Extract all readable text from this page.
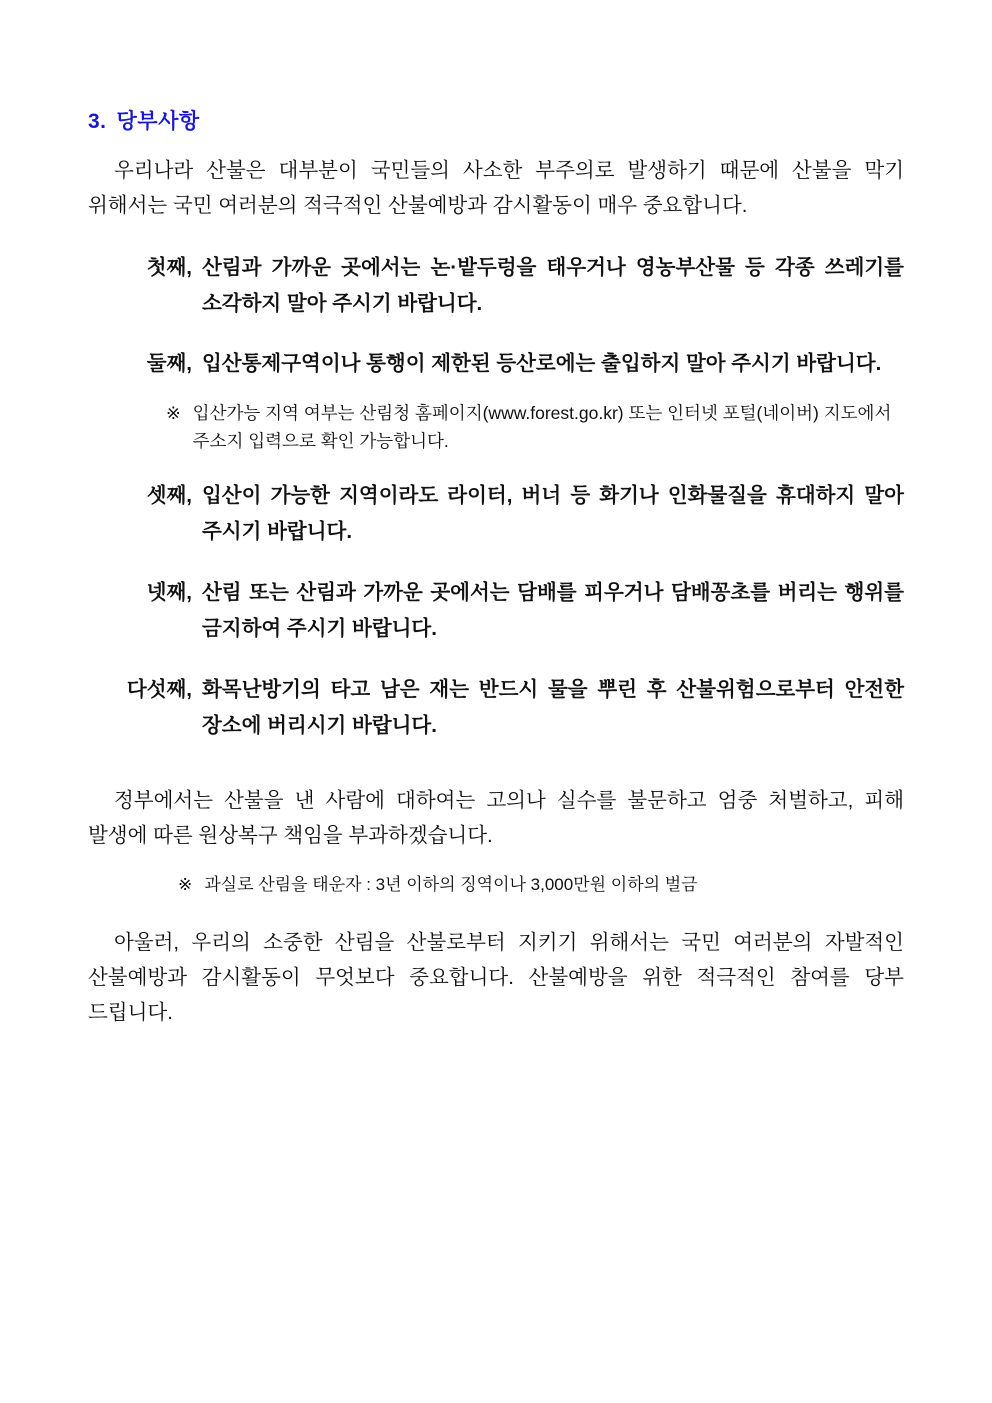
3. 당부사항

우리나라 산불은 대부분이 국민들의 사소한 부주의로 발생하기 때문에 산불을 막기 위해서는 국민 여러분의 적극적인 산불예방과 감시활동이 매우 중요합니다.

첫째, 산림과 가까운 곳에서는 논·밭두렁을 태우거나 영농부산물 등 각종 쓰레기를 소각하지 말아 주시기 바랍니다.
둘째, 입산통제구역이나 통행이 제한된 등산로에는 출입하지 말아 주시기 바랍니다.
※ 입산가능 지역 여부는 산림청 홈페이지(www.forest.go.kr) 또는 인터넷 포털(네이버) 지도에서 주소지 입력으로 확인 가능합니다.
셋째, 입산이 가능한 지역이라도 라이터, 버너 등 화기나 인화물질을 휴대하지 말아 주시기 바랍니다.
넷째, 산림 또는 산림과 가까운 곳에서는 담배를 피우거나 담배꽁초를 버리는 행위를 금지하여 주시기 바랍니다.
다섯째, 화목난방기의 타고 남은 재는 반드시 물을 뿌린 후 산불위험으로부터 안전한 장소에 버리시기 바랍니다.

정부에서는 산불을 낸 사람에 대하여는 고의나 실수를 불문하고 엄중 처벌하고, 피해 발생에 따른 원상복구 책임을 부과하겠습니다.

※ 과실로 산림을 태운자 : 3년 이하의 징역이나 3,000만원 이하의 벌금

아울러, 우리의 소중한 산림을 산불로부터 지키기 위해서는 국민 여러분의 자발적인 산불예방과 감시활동이 무엇보다 중요합니다. 산불예방을 위한 적극적인 참여를 당부 드립니다.
